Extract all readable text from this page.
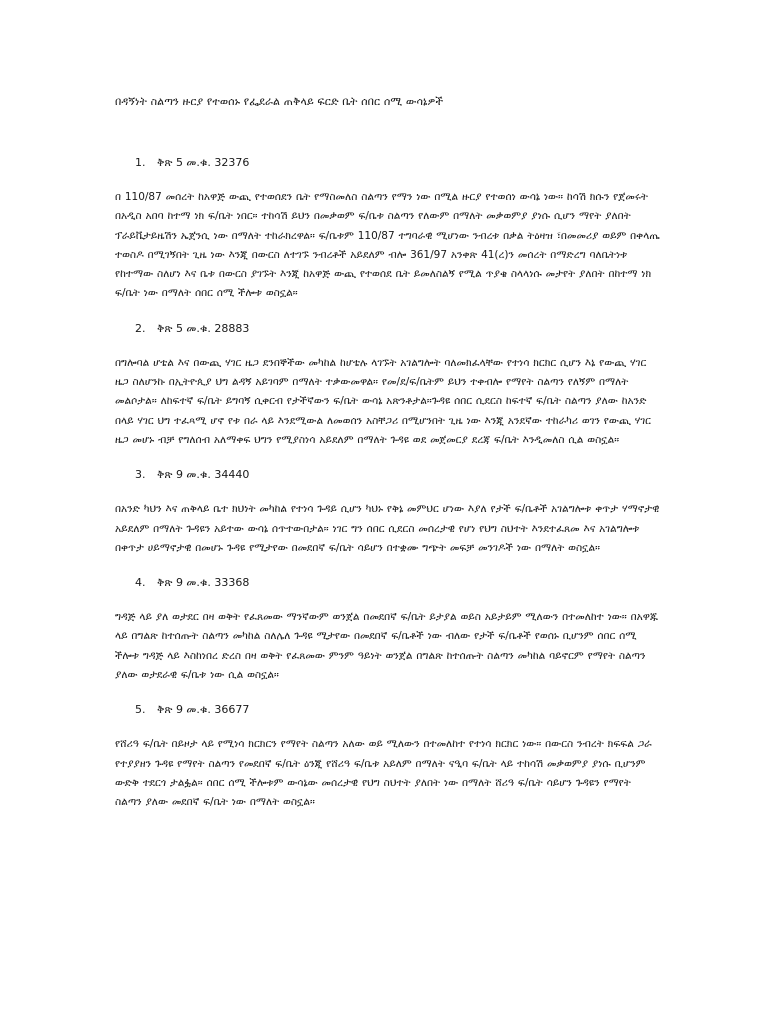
በዳኝነት ስልጣን ዙርያ የተወሰኑ የፌደራል ጠቅላይ ፍርድ ቤት ሰበር ሰሚ ውሳኔዎች
1.	ቅጽ 5 መ.ቁ. 32376

በ 110/87 መሰረት ከአዋጅ ውጪ የተወሰደን ቤት የማስመለስ ስልጣን የማን ነው በሚል ዙርያ የተወሰነ ውሳኔ ነው። ከሳሽ ክሱን የጀመሩት በአዲስ አበባ ከተማ ነክ ፍ/ቤት ነበር። ተከሳሽ ይህን በመቃወም ፍ/ቤቱ ስልጣን የለውም በማለት መቃወምያ ያነሱ ሲሆን ማየት ያለበት ፕራይቬታይዜሽን ኤጀንሲ ነው በማለት ተከራክረዋል። ፍ/ቤቱም 110/87 ተግባራዊ ሚሆነው ንብረቱ በቃል ትዕዛዝ ፣በመመሪያ ወይም በቀላጤ ተወስዶ በሚገኝበት ጊዜ ነው እንጂ በውርስ ለተገኙ ንብረቶች አይደለም ብሎ 361/97 አንቀጽ 41(ረ)ን መሰረት በማድረግ ባለቤትነቱ የከተማው ስለሆነ እና ቤቱ በውርስ ያገኙት እንጂ ከአዋጅ ውጪ የተወሰደ ቤት ይመለስልኝ የሚል ጥያቄ ስላላነሱ መታየት ያለበት በከተማ ነክ ፍ/ቤት ነው በማለት ሰበር ሰሚ ችሎቱ ወስኗል።

2.	ቅጽ 5 መ.ቁ. 28883

በግሎባል ሆቴል እና በውጪ ሃገር ዜጋ ደንበኞችው መካከል ከሆቴሉ ላገኙት አገልግሎት ባለመክፈላቸው የተነሳ ክርክር ሲሆን እኔ የውጪ ሃገር ዜጋ ስለሆንኩ በኢትዮጲያ ህግ ልዳኝ አይገባም በማለት ተቃውመዋል። የመ/ደ/ፍ/ቤትም ይህን ተቀብሎ የማየት ስልጣን የለኝም በማለት መልሶታል። ለከፍተኛ ፍ/ቤት ይግባኝ ሲቀርብ የታችኛውን ፍ/ቤት ውሳኔ አጽንቶታል።ጉዳዩ ሰበር ሲደርስ ከፍተኛ ፍ/ቤት ስልጣን ያለው ከአንድ በላይ ሃገር ህግ ተፈጻሚ ሆኖ የቱ በራ ላይ እንደሚውል ለመወሰን አስቸጋሪ በሚሆንበት ጊዜ ነው እንጂ አንደኛው ተከራካሪ ወገን የውጪ ሃገር ዜጋ መሆኑ ብቻ የግለሰብ አለማቀፍ ህግን የሚያስነሳ አይደለም በማለት ጉዳዩ ወደ መጀመርያ ደረጃ ፍ/ቤት እንዲመለስ ሲል ወስኗል።

3.	ቅጽ 9 መ.ቁ. 34440

በአንድ ካህን እና ጠቅላይ ቤተ ክህነት መካከል የተነሳ ጉዳይ ሲሆን ካህኑ የቅኔ መምህር ሆነው እያለ የታች ፍ/ቤቶች አገልግሎቱ ቀጥታ ሃማኖታዊ አይደለም በማለት ጉዳዩን አይተው ውሳኔ ሰጥተውበታል። ነገር ግን ሰበር ሲደርስ መሰረታዊ የሆነ የህግ ስህተት እንደተፈጸመ እና አገልግሎቱ በቀጥታ ሀይማኖታዊ በመሆኑ ጉዳዩ የሚታየው በመደበኛ ፍ/ቤት ሳይሆን በተቋሙ ግጭት መፍቻ መንገዶች ነው በማለት ወስኗል።

4.	ቅጽ 9 መ.ቁ. 33368

ግዳጅ ላይ ያለ ወታደር በዛ ወቅት የፈጸመው ማንኛውም ወንጀል በመደበኛ ፍ/ቤት ይታያል ወይስ አይታይም ሚለውን በተመለከተ ነው። በአዋጁ ላይ በግልጽ ከተሰጡት ስልጣን መካከል ስለሌለ ጉዳዩ ሚታየው በመደበኛ ፍ/ቤቶች ነው ብለው የታች ፍ/ቤቶች የወሰኑ ቢሆንም ሰበር ሰሚ ችሎቱ ግዳጅ ላይ እስከነበረ ድረስ በዛ ወቅት የፈጸመው ምንም ዓይነት ወንጀል በግልጽ ከተሰጡት ስልጣን መካከል ባይኖርም የማየት ስልጣን ያለው ወታደራዊ ፍ/ቤቱ ነው ሲል ወስኗል።

5.	ቅጽ 9 መ.ቁ. 36677

የሸሪዓ ፍ/ቤት በይዞታ ላይ የሚነሳ ክርክርን የማየት ስልጣን አለው ወይ ሚለውን በተመለከተ የተነሳ ክርክር ነው። በውርስ ንብረት ክፍፍል ጋራ የተያያዘን ጉዳዩ የማየት ስልጣን የመደበኛ ፍ/ቤት ዕንጂ የሸሪዓ ፍ/ቤቱ አይለም በማለት ናዒባ ፍ/ቤት ላይ ተከሳሽ መቃወምያ ያነሱ ቢሆንም ውድቅ ተደርጎ ታልፏል። ሰበር ሰሚ ችሎቱም ውሳኔው መሰረታዊ የህግ ስህተት ያለበት ነው በማለት ሸሪዓ ፍ/ቤት ሳይሆን ጉዳዩን የማየት ስልጣን ያለው መደበኛ ፍ/ቤት ነው በማለት ወስኗል።
